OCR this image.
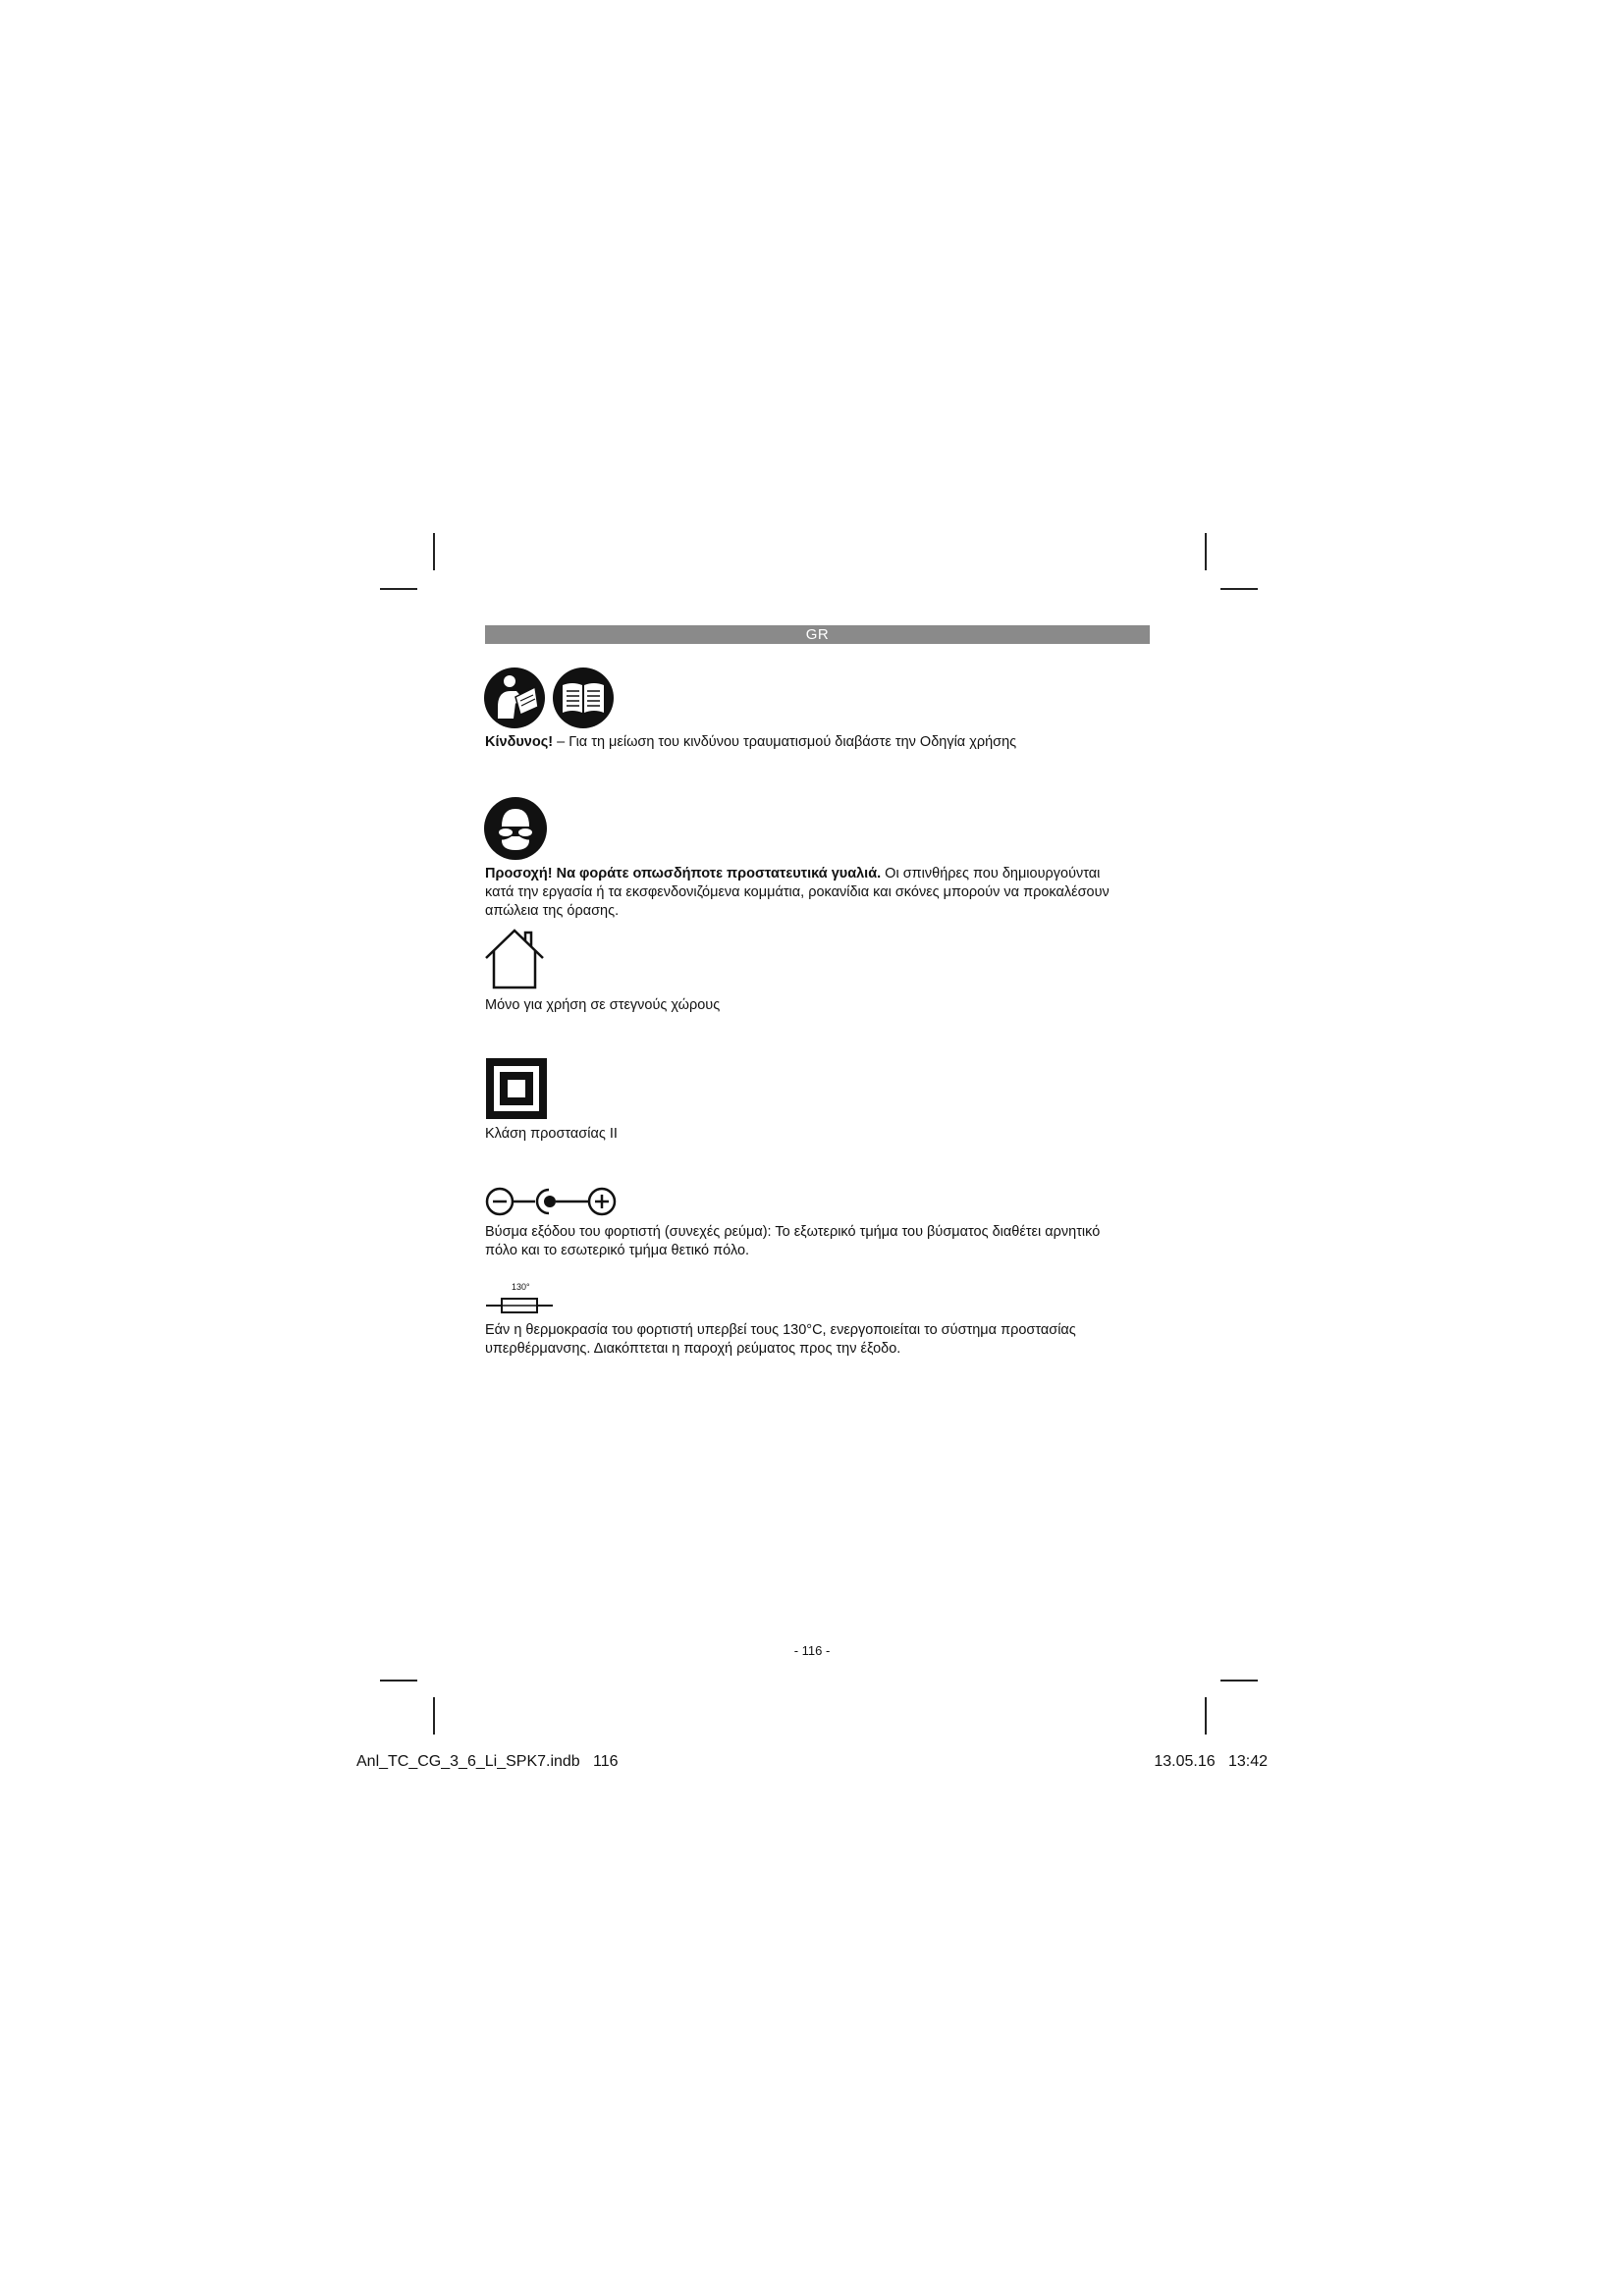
GR

Κίνδυνος! – Για τη μείωση του κινδύνου τραυματισμού διαβάστε την Οδηγία χρήσης

Προσοχή! Να φοράτε οπωσδήποτε προστατευτικά γυαλιά. Οι σπινθήρες που δημιουργούνται
κατά την εργασία ή τα εκσφενδονιζόμενα κομμάτια, ροκανίδια και σκόνες μπορούν να προκαλέσουν
απώλεια της όρασης.

Μόνο για χρήση σε στεγνούς χώρους

Κλάση προστασίας II

Βύσμα εξόδου του φορτιστή (συνεχές ρεύμα): Το εξωτερικό τμήμα του βύσματος διαθέτει αρνητικό
πόλο και το εσωτερικό τμήμα θετικό πόλο.
130°
Εάν η θερμοκρασία του φορτιστή υπερβεί τους 130°C, ενεργοποιείται το σύστημα προστασίας
υπερθέρμανσης. Διακόπτεται η παροχή ρεύματος προς την έξοδο.
- 116 -
Anl_TC_CG_3_6_Li_SPK7.indb   116	13.05.16   13:42
